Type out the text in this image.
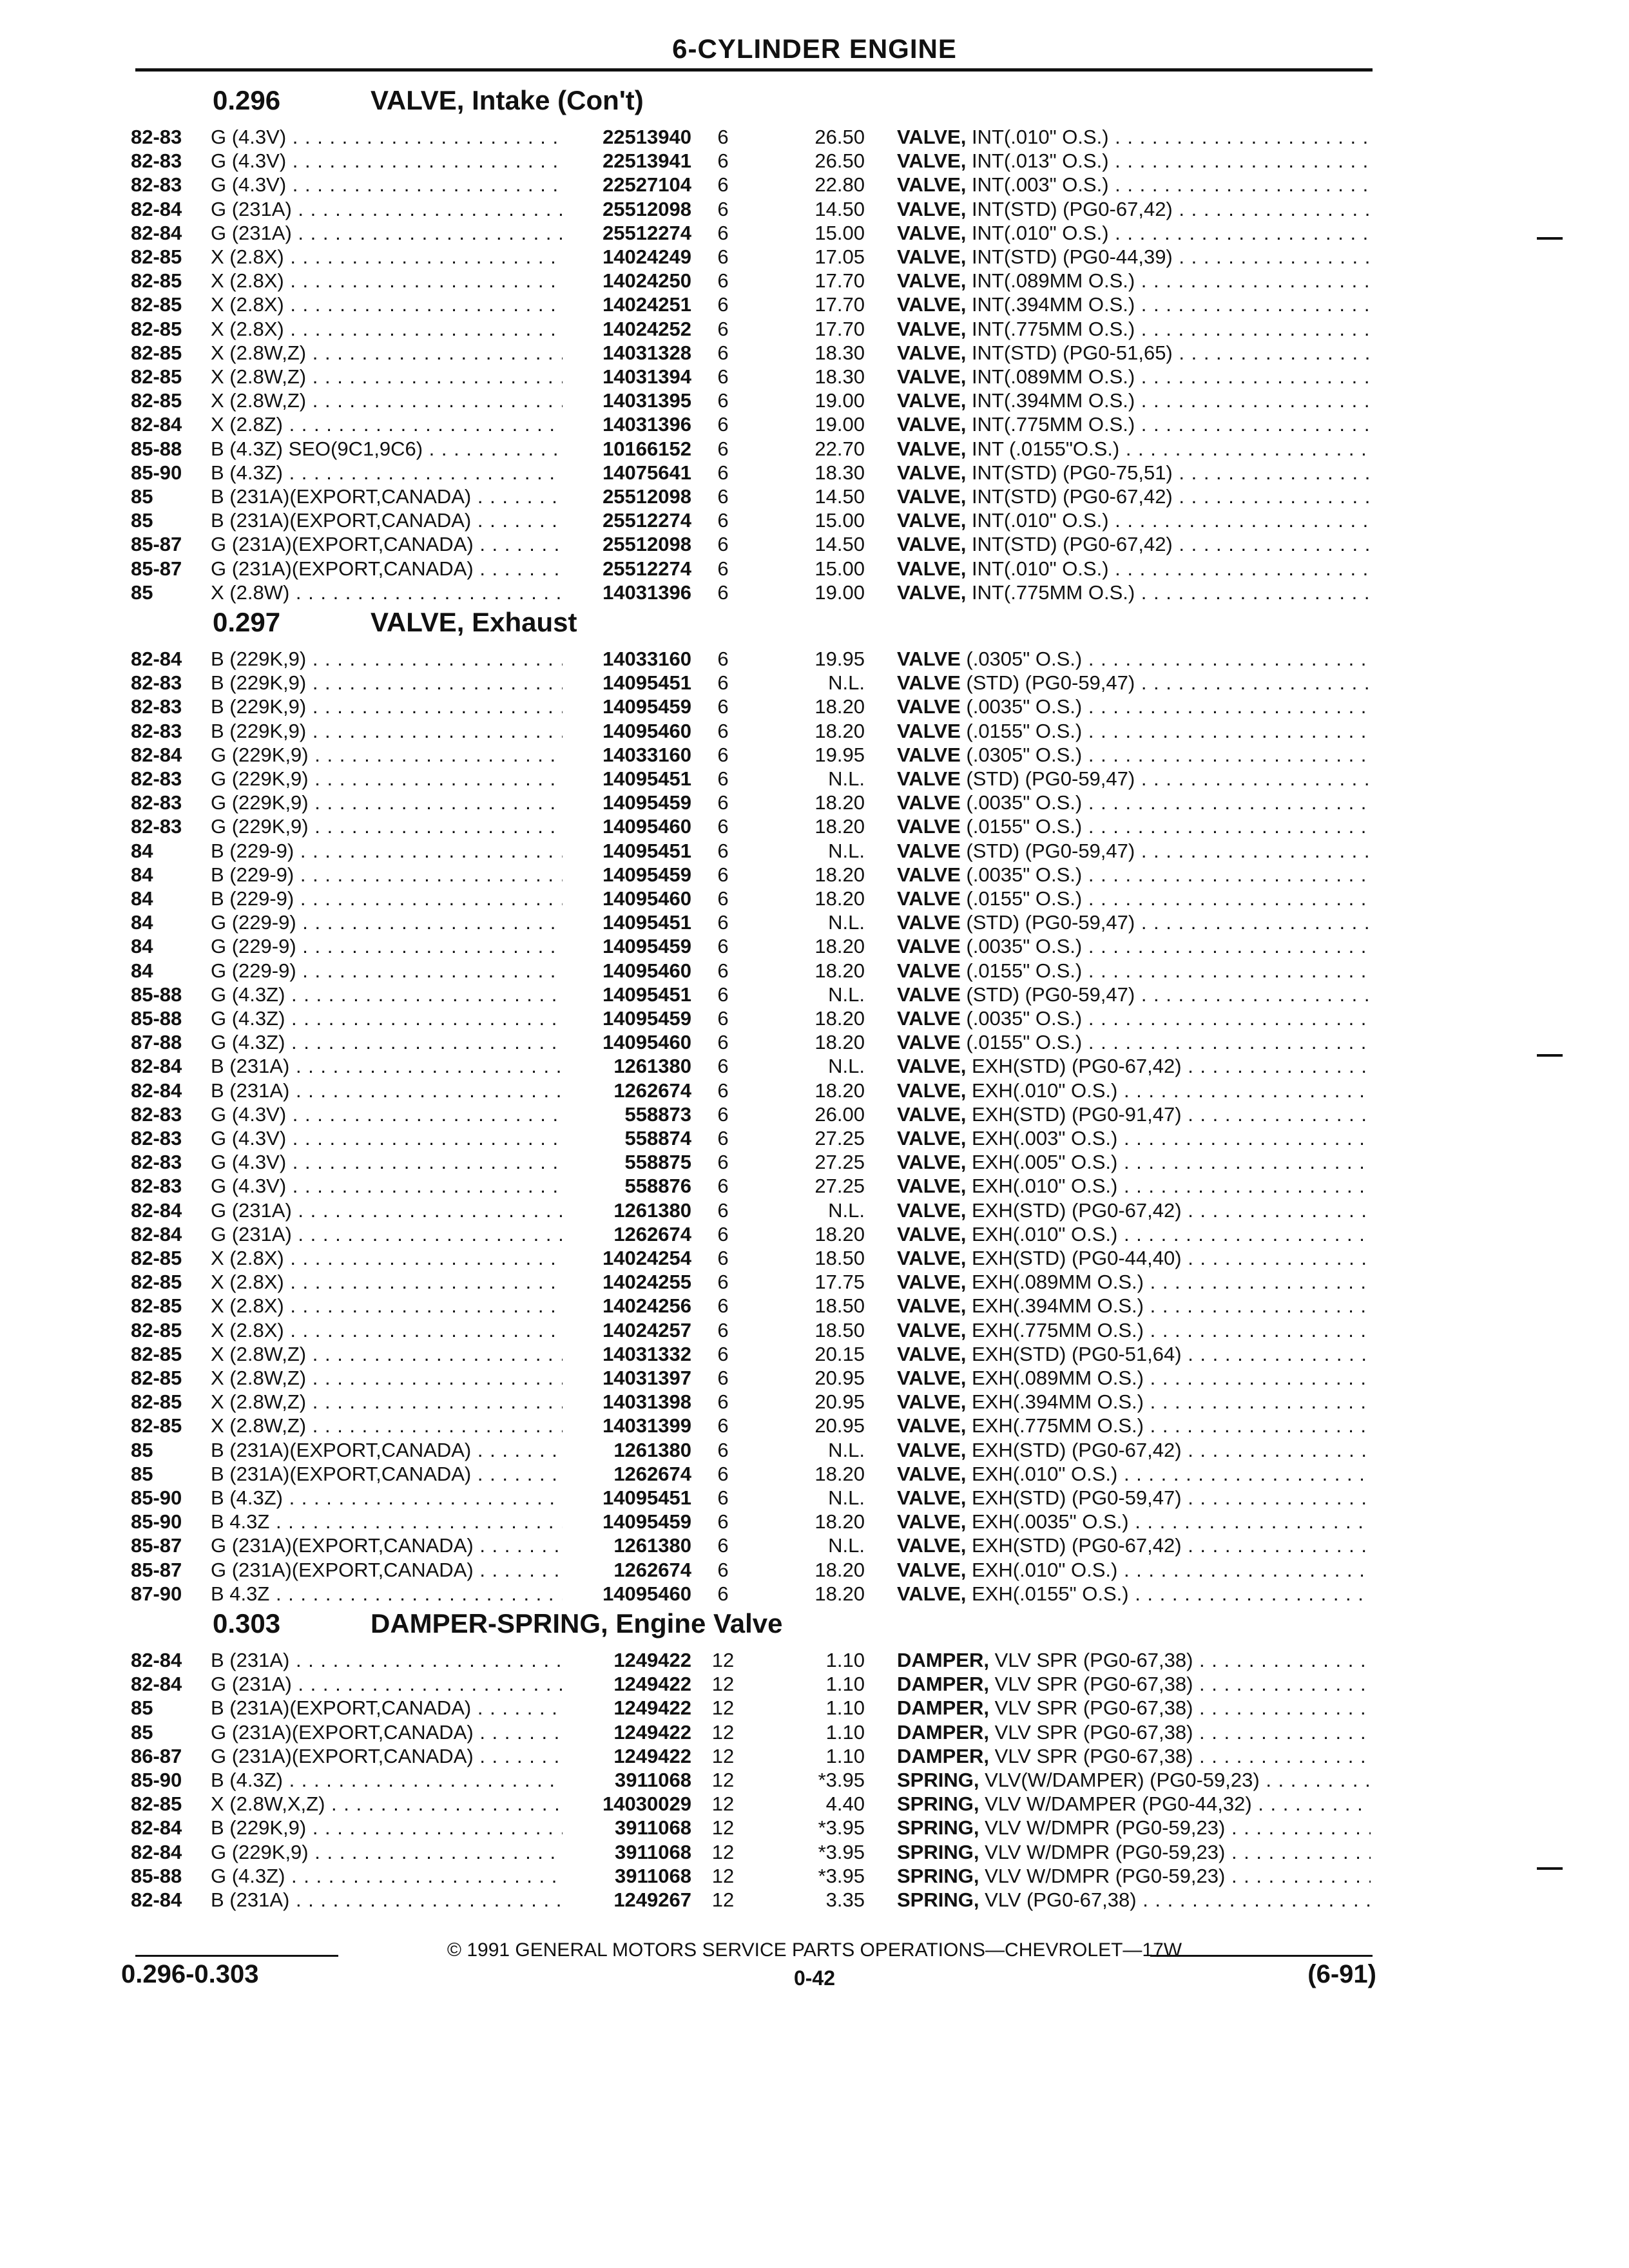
6-CYLINDER ENGINE
0.296	VALVE, Intake (Con't)
82-83 G (4.3V) . . .	22513940	6	26.50 VALVE, INT(.010" O.S.) . . .
82-83 G (4.3V) . . .	22513941	6	26.50 VALVE, INT(.013" O.S.) . . .
82-83 G (4.3V) . . .	22527104	6	22.80 VALVE, INT(.003" O.S.) . . .
82-84 G (231A) . . .	25512098	6	14.50 VALVE, INT(STD) (PG0-67,42) . . .
82-84 G (231A) . . .	25512274	6	15.00 VALVE, INT(.010" O.S.) . . .
82-85 X (2.8X) . . .	14024249	6	17.05 VALVE, INT(STD) (PG0-44,39) . . .
82-85 X (2.8X) . . .	14024250	6	17.70 VALVE, INT(.089MM O.S.) . . .
82-85 X (2.8X) . . .	14024251	6	17.70 VALVE, INT(.394MM O.S.) . . .
82-85 X (2.8X) . . .	14024252	6	17.70 VALVE, INT(.775MM O.S.) . . .
82-85 X (2.8W,Z) . . .	14031328	6	18.30 VALVE, INT(STD) (PG0-51,65) . . .
82-85 X (2.8W,Z) . . .	14031394	6	18.30 VALVE, INT(.089MM O.S.) . . .
82-85 X (2.8W,Z) . . .	14031395	6	19.00 VALVE, INT(.394MM O.S.) . . .
82-84 X (2.8Z) . . .	14031396	6	19.00 VALVE, INT(.775MM O.S.) . . .
85-88 B (4.3Z) SEO(9C1,9C6) . . .	10166152	6	22.70 VALVE, INT (.0155"O.S.) . . .
85-90 B (4.3Z) . . .	14075641	6	18.30 VALVE, INT(STD) (PG0-75,51) . . .
85	B (231A)(EXPORT,CANADA) . . .	25512098	6	14.50 VALVE, INT(STD) (PG0-67,42) . . .
85	B (231A)(EXPORT,CANADA) . . .	25512274	6	15.00 VALVE, INT(.010" O.S.) . . .
85-87 G (231A)(EXPORT,CANADA) . . .	25512098	6	14.50 VALVE, INT(STD) (PG0-67,42) . . .
85-87 G (231A)(EXPORT,CANADA) . . .	25512274	6	15.00 VALVE, INT(.010" O.S.) . . .
85	X (2.8W) . . .	14031396	6	19.00 VALVE, INT(.775MM O.S.) . . .
0.297	VALVE, Exhaust
82-84 B (229K,9) . . .	14033160	6	19.95 VALVE (.0305" O.S.) . . .
82-83 B (229K,9) . . .	14095451	6	N.L. VALVE (STD) (PG0-59,47) . . .
82-83 B (229K,9) . . .	14095459	6	18.20 VALVE (.0035" O.S.) . . .
82-83 B (229K,9) . . .	14095460	6	18.20 VALVE (.0155" O.S.) . . .
82-84 G (229K,9) . . .	14033160	6	19.95 VALVE (.0305" O.S.) . . .
82-83 G (229K,9) . . .	14095451	6	N.L. VALVE (STD) (PG0-59,47) . . .
82-83 G (229K,9) . . .	14095459	6	18.20 VALVE (.0035" O.S.) . . .
82-83 G (229K,9) . . .	14095460	6	18.20 VALVE (.0155" O.S.) . . .
84	B (229-9) . . .	14095451	6	N.L. VALVE (STD) (PG0-59,47) . . .
84	B (229-9) . . .	14095459	6	18.20 VALVE (.0035" O.S.) . . .
84	B (229-9) . . .	14095460	6	18.20 VALVE (.0155" O.S.) . . .
84	G (229-9) . . .	14095451	6	N.L. VALVE (STD) (PG0-59,47) . . .
84	G (229-9) . . .	14095459	6	18.20 VALVE (.0035" O.S.) . . .
84	G (229-9) . . .	14095460	6	18.20 VALVE (.0155" O.S.) . . .
85-88 G (4.3Z) . . .	14095451	6	N.L. VALVE (STD) (PG0-59,47) . . .
85-88 G (4.3Z) . . .	14095459	6	18.20 VALVE (.0035" O.S.) . . .
87-88 G (4.3Z) . . .	14095460	6	18.20 VALVE (.0155" O.S.) . . .
82-84 B (231A) . . .	1261380	6	N.L. VALVE, EXH(STD) (PG0-67,42) . . .
82-84 B (231A) . . .	1262674	6	18.20 VALVE, EXH(.010" O.S.) . . .
82-83 G (4.3V) . . .	558873	6	26.00 VALVE, EXH(STD) (PG0-91,47) . . .
82-83 G (4.3V) . . .	558874	6	27.25 VALVE, EXH(.003" O.S.) . . .
82-83 G (4.3V) . . .	558875	6	27.25 VALVE, EXH(.005" O.S.) . . .
82-83 G (4.3V) . . .	558876	6	27.25 VALVE, EXH(.010" O.S.) . . .
82-84 G (231A) . . .	1261380	6	N.L. VALVE, EXH(STD) (PG0-67,42) . . .
82-84 G (231A) . . .	1262674	6	18.20 VALVE, EXH(.010" O.S.) . . .
82-85 X (2.8X) . . .	14024254	6	18.50 VALVE, EXH(STD) (PG0-44,40) . . .
82-85 X (2.8X) . . .	14024255	6	17.75 VALVE, EXH(.089MM O.S.) . . .
82-85 X (2.8X) . . .	14024256	6	18.50 VALVE, EXH(.394MM O.S.) . . .
82-85 X (2.8X) . . .	14024257	6	18.50 VALVE, EXH(.775MM O.S.) . . .
82-85 X (2.8W,Z) . . .	14031332	6	20.15 VALVE, EXH(STD) (PG0-51,64) . . .
82-85 X (2.8W,Z) . . .	14031397	6	20.95 VALVE, EXH(.089MM O.S.) . . .
82-85 X (2.8W,Z) . . .	14031398	6	20.95 VALVE, EXH(.394MM O.S.) . . .
82-85 X (2.8W,Z) . . .	14031399	6	20.95 VALVE, EXH(.775MM O.S.) . . .
85	B (231A)(EXPORT,CANADA) . . .	1261380	6	N.L. VALVE, EXH(STD) (PG0-67,42) . . .
85	B (231A)(EXPORT,CANADA) . . .	1262674	6	18.20 VALVE, EXH(.010" O.S.) . . .
85-90 B (4.3Z) . . .	14095451	6	N.L. VALVE, EXH(STD) (PG0-59,47) . . .
85-90 B 4.3Z . . .	14095459	6	18.20 VALVE, EXH(.0035" O.S.) . . .
85-87 G (231A)(EXPORT,CANADA) . . .	1261380	6	N.L. VALVE, EXH(STD) (PG0-67,42) . . .
85-87 G (231A)(EXPORT,CANADA) . . .	1262674	6	18.20 VALVE, EXH(.010" O.S.) . . .
87-90 B 4.3Z . . .	14095460	6	18.20 VALVE, EXH(.0155" O.S.) . . .
0.303	DAMPER-SPRING, Engine Valve
82-84 B (231A) . . .	1249422	12	1.10 DAMPER, VLV SPR (PG0-67,38) . . .
82-84 G (231A) . . .	1249422	12	1.10 DAMPER, VLV SPR (PG0-67,38) . . .
85	B (231A)(EXPORT,CANADA) . . .	1249422	12	1.10 DAMPER, VLV SPR (PG0-67,38) . . .
85	G (231A)(EXPORT,CANADA) . . .	1249422	12	1.10 DAMPER, VLV SPR (PG0-67,38) . . .
86-87 G (231A)(EXPORT,CANADA) . . .	1249422	12	1.10 DAMPER, VLV SPR (PG0-67,38) . . .
85-90 B (4.3Z) . . .	3911068	12	*3.95 SPRING, VLV(W/DAMPER) (PG0-59,23) . . .
82-85 X (2.8W,X,Z) . . .	14030029	12	4.40 SPRING, VLV W/DAMPER (PG0-44,32) . . .
82-84 B (229K,9) . . .	3911068	12	*3.95 SPRING, VLV W/DMPR (PG0-59,23) . . .
82-84 G (229K,9) . . .	3911068	12	*3.95 SPRING, VLV W/DMPR (PG0-59,23) . . .
85-88 G (4.3Z) . . .	3911068	12	*3.95 SPRING, VLV W/DMPR (PG0-59,23) . . .
82-84 B (231A) . . .	1249267	12	3.35 SPRING, VLV (PG0-67,38) . . .
© 1991 GENERAL MOTORS SERVICE PARTS OPERATIONS—CHEVROLET—17W
0.296-0.303	0-42	(6-91)
